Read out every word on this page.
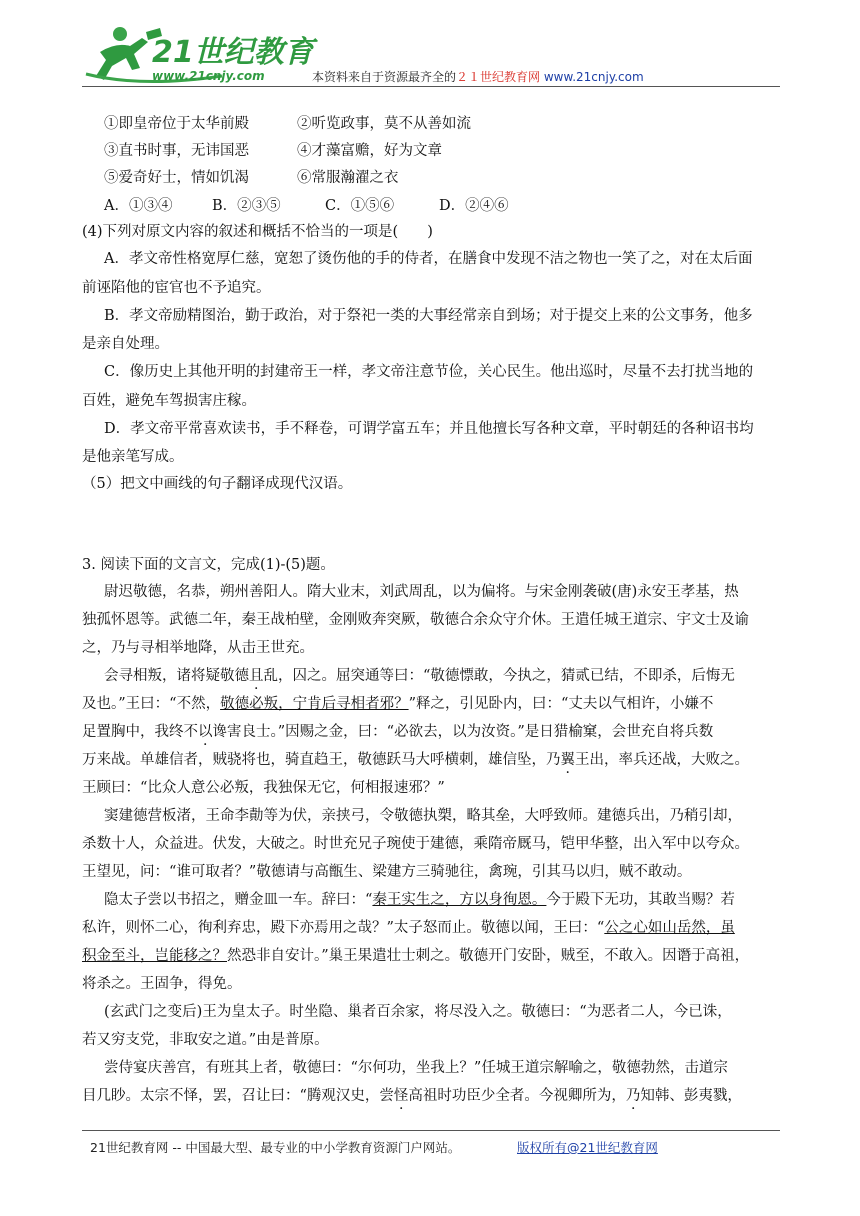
21世纪教育
www.21cnjy.com	本资料来自于资源最齐全的２１世纪教育网 www.21cnjy.com
①即皇帝位于太华前殿	②听览政事，莫不从善如流
③直书时事，无讳国恶	④才藻富赡，好为文章
⑤爱奇好士，情如饥渴	⑥常服瀚濯之衣
A．①③④	B．②③⑤	C．①⑤⑥	D．②④⑥
(4)下列对原文内容的叙述和概括不恰当的一项是(　　)
A．孝文帝性格宽厚仁慈，宽恕了烫伤他的手的侍者，在膳食中发现不洁之物也一笑了之，对在太后面
前诬陷他的宦官也不予追究。
B．孝文帝励精图治，勤于政治，对于祭祀一类的大事经常亲自到场；对于提交上来的公文事务，他多
是亲自处理。
C．像历史上其他开明的封建帝王一样，孝文帝注意节俭，关心民生。他出巡时，尽量不去打扰当地的
百姓，避免车驾损害庄稼。
D．孝文帝平常喜欢读书，手不释卷，可谓学富五车；并且他擅长写各种文章，平时朝廷的各种诏书均
是他亲笔写成。
（5）把文中画线的句子翻译成现代汉语。
3. 阅读下面的文言文，完成(1)-(5)题。
尉迟敬德，名恭，朔州善阳人。隋大业末，刘武周乱，以为偏将。与宋金刚袭破(唐)永安王孝基，热
独孤怀恩等。武德二年，秦王战柏壁，金刚败奔突厥，敬德合余众守介休。王遣任城王道宗、宇文士及谕
之，乃与寻相举地降，从击王世充。
会寻相叛，诸将疑敬德且乱，囚之。屈突通等曰：“敬德慓敢，今执之，猜贰已结，不即杀，后悔无
及也。”王曰：“不然，敬德必叛，宁肯后寻相者邪？”释之，引见卧内，曰：“丈夫以气相许，小嫌不
足置胸中，我终不以谗害良士。”因赐之金，曰：“必欲去，以为汝资。”是日猎榆窠，会世充自将兵数
万来战。单雄信者，贼骁将也，骑直趋王，敬德跃马大呼横刺，雄信坠，乃翼王出，率兵还战，大败之。
王顾曰：“比众人意公必叛，我独保无它，何相报速邪？”
窦建德营板渚，王命李勣等为伏，亲挟弓，令敬德执槊，略其垒，大呼致师。建德兵出，乃稍引却，
杀数十人，众益进。伏发，大破之。时世充兄子琬使于建德，乘隋帝厩马，铠甲华整，出入军中以夸众。
王望见，问：“谁可取者？”敬德请与高甑生、梁建方三骑驰往，禽琬，引其马以归，贼不敢动。
隐太子尝以书招之，赠金皿一车。辞曰：“秦王实生之，方以身徇恩。今于殿下无功，其敢当赐？若
私许，则怀二心，徇利弃忠，殿下亦焉用之哉？”太子怒而止。敬德以闻，王曰：“公之心如山岳然，虽
积金至斗，岂能移之？然恐非自安计。”巢王果遣壮士刺之。敬德开门安卧，贼至，不敢入。因谮于高祖，
将杀之。王固争，得免。
(玄武门之变后)王为皇太子。时坐隐、巢者百余家，将尽没入之。敬德曰：“为恶者二人，今已诛，
若又穷支党，非取安之道。”由是普原。
尝侍宴庆善宫，有班其上者，敬德曰：“尔何功，坐我上？”任城王道宗解喻之，敬德勃然，击道宗
目几眇。太宗不怿，罢，召让曰：“腾观汉史，尝怪高祖时功臣少全者。今视卿所为，乃知韩、彭夷戮，
21世纪教育网 -- 中国最大型、最专业的中小学教育资源门户网站。	版权所有@21世纪教育网
